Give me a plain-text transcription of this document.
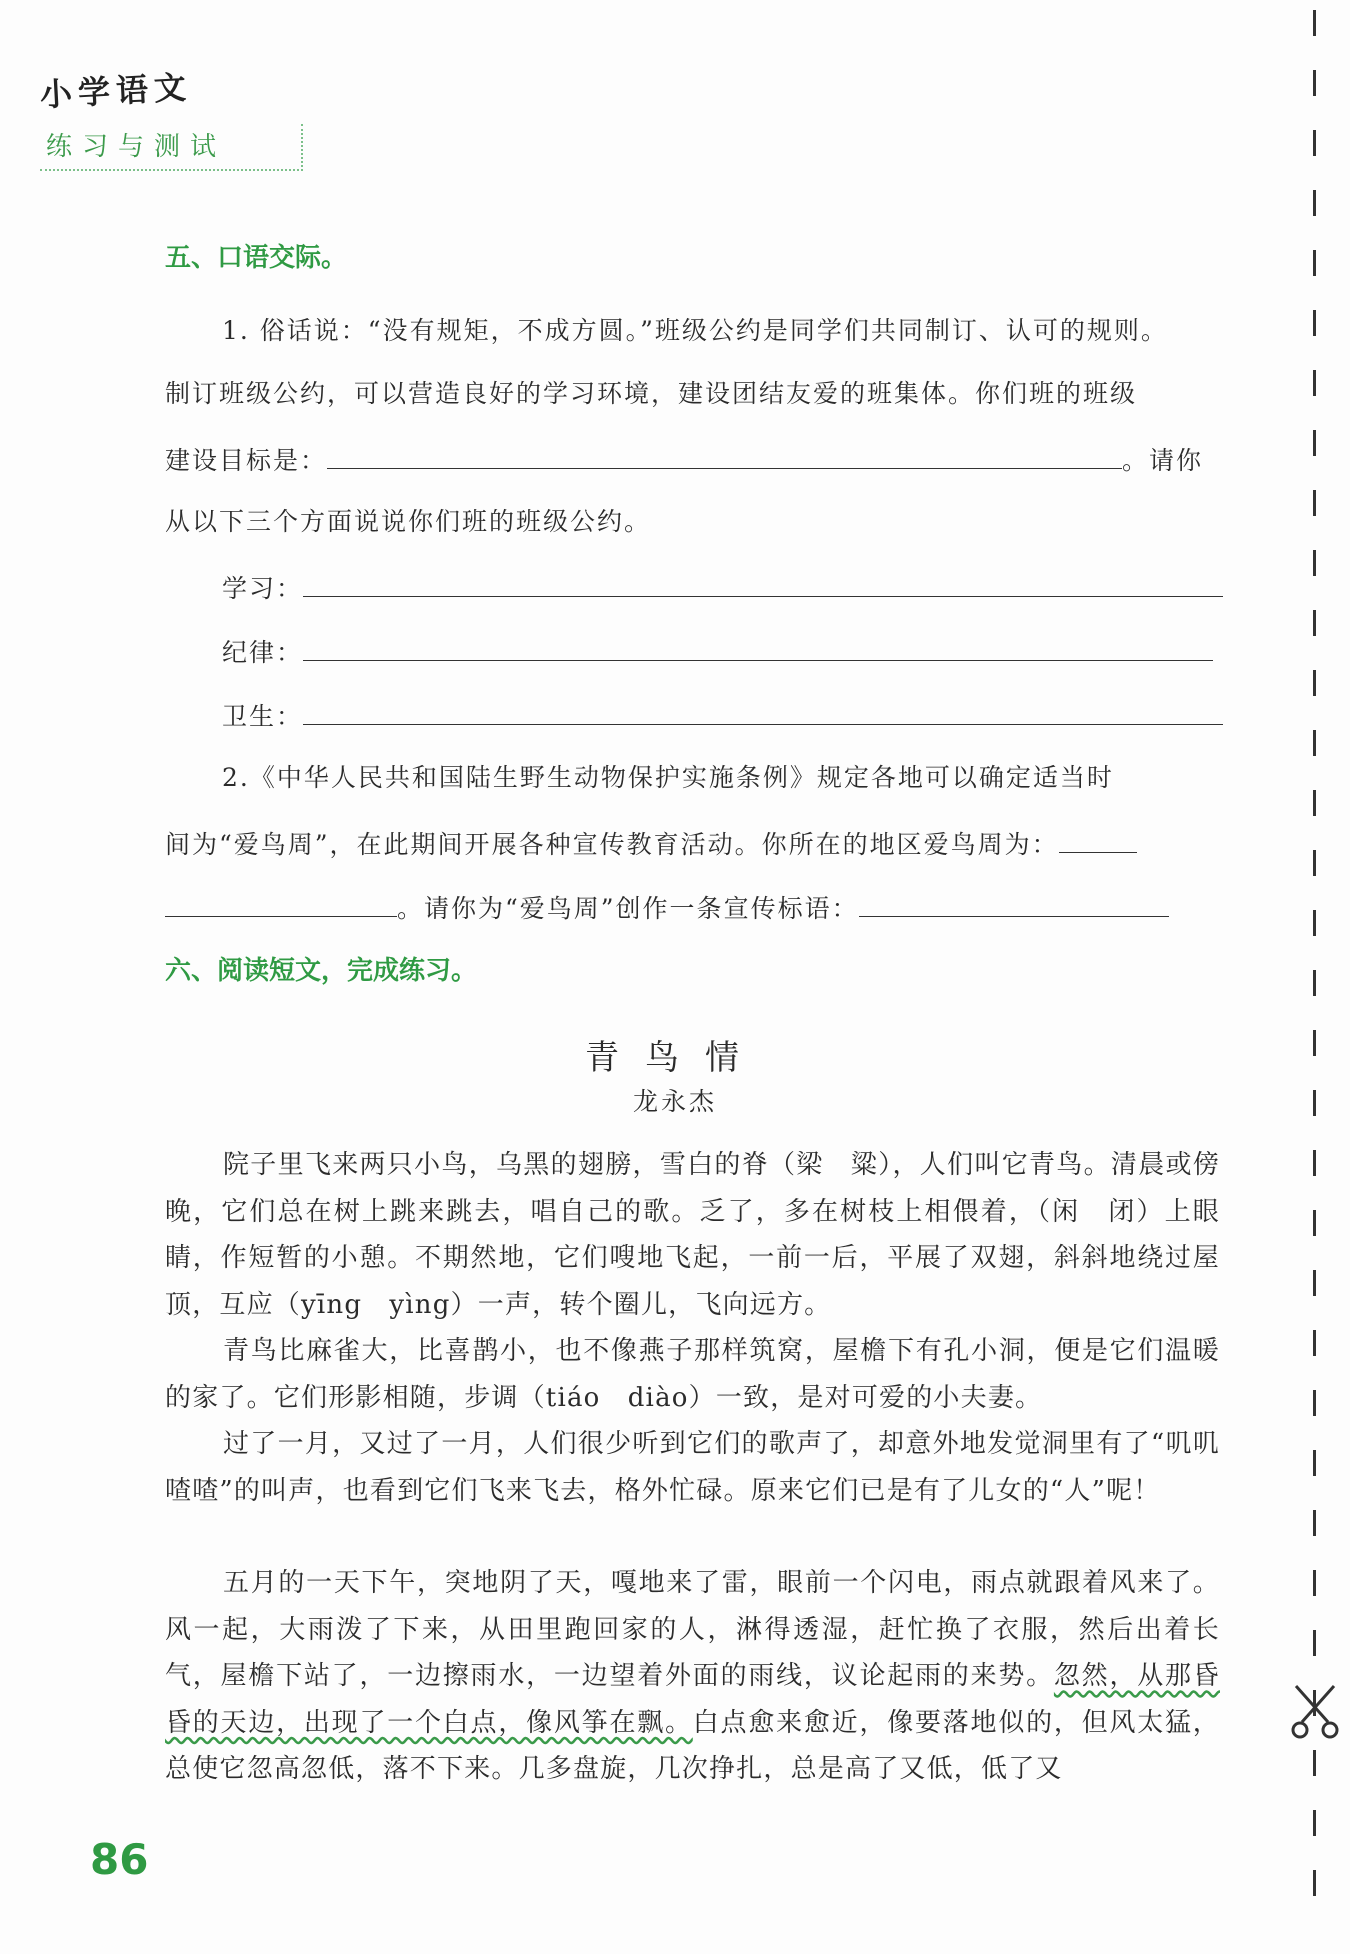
小学语文
练习与测试
五、口语交际。
1. 俗话说：“没有规矩，不成方圆。”班级公约是同学们共同制订、认可的规则。
制订班级公约，可以营造良好的学习环境，建设团结友爱的班集体。你们班的班级
建设目标是：	。请你
从以下三个方面说说你们班的班级公约。
学习：
纪律：
卫生：
2.《中华人民共和国陆生野生动物保护实施条例》规定各地可以确定适当时
间为“爱鸟周”，在此期间开展各种宣传教育活动。你所在的地区爱鸟周为：
。请你为“爱鸟周”创作一条宣传标语：
六、阅读短文，完成练习。
青鸟情
龙永杰
院子里飞来两只小鸟，乌黑的翅膀，雪白的脊（梁　粱），人们叫它青鸟。清晨或傍晚，它们总在树上跳来跳去，唱自己的歌。乏了，多在树枝上相偎着，（闲　闭）上眼睛，作短暂的小憩。不期然地，它们嗖地飞起，一前一后，平展了双翅，斜斜地绕过屋顶，互应（yīng　yìng）一声，转个圈儿，飞向远方。
青鸟比麻雀大，比喜鹊小，也不像燕子那样筑窝，屋檐下有孔小洞，便是它们温暖的家了。它们形影相随，步调（tiáo　diào）一致，是对可爱的小夫妻。
过了一月，又过了一月，人们很少听到它们的歌声了，却意外地发觉洞里有了“叽叽喳喳”的叫声，也看到它们飞来飞去，格外忙碌。原来它们已是有了儿女的“人”呢！
五月的一天下午，突地阴了天，嘎地来了雷，眼前一个闪电，雨点就跟着风来了。风一起，大雨泼了下来，从田里跑回家的人，淋得透湿，赶忙换了衣服，然后出着长气，屋檐下站了，一边擦雨水，一边望着外面的雨线，议论起雨的来势。忽然，从那昏昏的天边，出现了一个白点，像风筝在飘。白点愈来愈近，像要落地似的，但风太猛，总使它忽高忽低，落不下来。几多盘旋，几次挣扎，总是高了又低，低了又
86
